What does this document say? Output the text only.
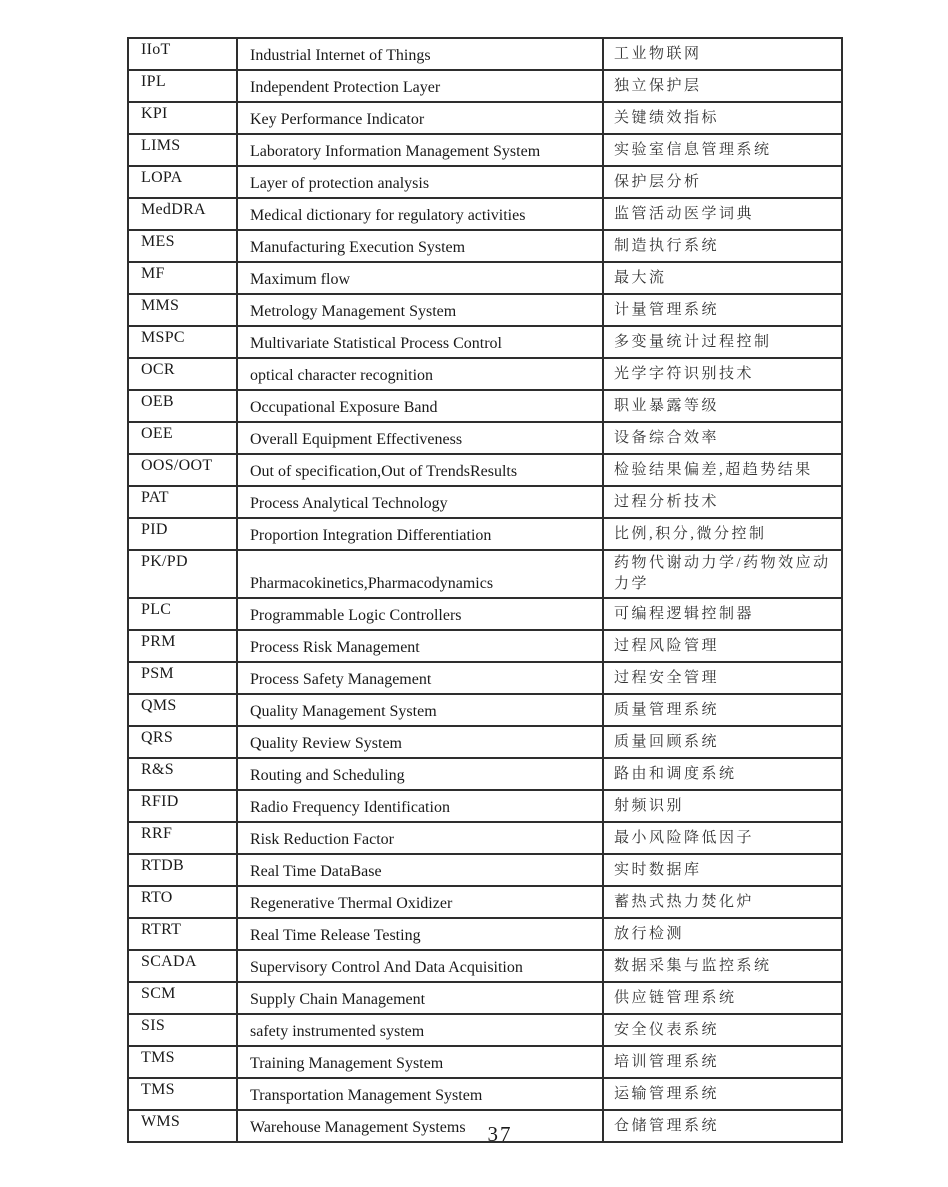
IIoT	Industrial Internet of Things	工业物联网
IPL	Independent Protection Layer	独立保护层
KPI	Key Performance Indicator	关键绩效指标
LIMS	Laboratory Information Management System	实验室信息管理系统
LOPA	Layer of protection analysis	保护层分析
MedDRA	Medical dictionary for regulatory activities	监管活动医学词典
MES	Manufacturing Execution System	制造执行系统
MF	Maximum flow	最大流
MMS	Metrology Management System	计量管理系统
MSPC	Multivariate Statistical Process Control	多变量统计过程控制
OCR	optical character recognition	光学字符识别技术
OEB	Occupational Exposure Band	职业暴露等级
OEE	Overall Equipment Effectiveness	设备综合效率
OOS/OOT	Out of specification,Out of TrendsResults	检验结果偏差,超趋势结果
PAT	Process Analytical Technology	过程分析技术
PID	Proportion Integration Differentiation	比例,积分,微分控制
PK/PD	Pharmacokinetics,Pharmacodynamics	药物代谢动力学/药物效应动力学
PLC	Programmable Logic Controllers	可编程逻辑控制器
PRM	Process Risk Management	过程风险管理
PSM	Process Safety Management	过程安全管理
QMS	Quality Management System	质量管理系统
QRS	Quality Review System	质量回顾系统
R&S	Routing and Scheduling	路由和调度系统
RFID	Radio Frequency Identification	射频识别
RRF	Risk Reduction Factor	最小风险降低因子
RTDB	Real Time DataBase	实时数据库
RTO	Regenerative Thermal Oxidizer	蓄热式热力焚化炉
RTRT	Real Time Release Testing	放行检测
SCADA	Supervisory Control And Data Acquisition	数据采集与监控系统
SCM	Supply Chain Management	供应链管理系统
SIS	safety instrumented system	安全仪表系统
TMS	Training Management System	培训管理系统
TMS	Transportation Management System	运输管理系统
WMS	Warehouse Management Systems	仓储管理系统
37
